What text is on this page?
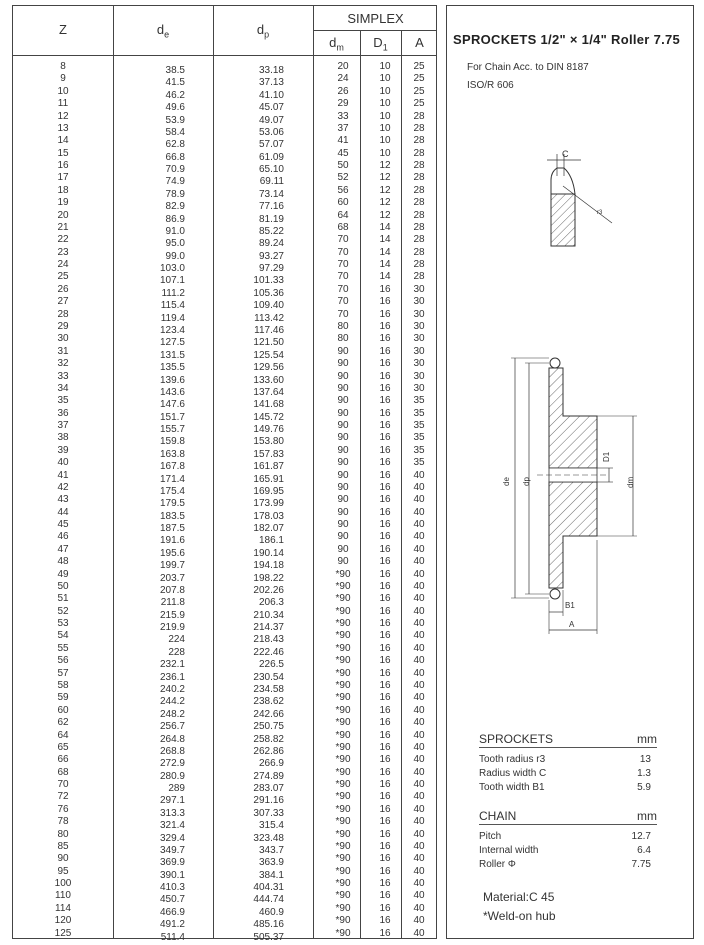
Z	$d_e$	$d_p$
SIMPLEX
$d_m$	$D_1$	A
8	38.5	33.18	20	10	25
9	41.5	37.13	24	10	25
10	46.2	41.10	26	10	25
11	49.6	45.07	29	10	25
12	53.9	49.07	33	10	28
13	58.4	53.06	37	10	28
14	62.8	57.07	41	10	28
15	66.8	61.09	45	10	28
16	70.9	65.10	50	12	28
17	74.9	69.11	52	12	28
18	78.9	73.14	56	12	28
19	82.9	77.16	60	12	28
20	86.9	81.19	64	12	28
21	91.0	85.22	68	14	28
22	95.0	89.24	70	14	28
23	99.0	93.27	70	14	28
24	103.0	97.29	70	14	28
25	107.1	101.33	70	14	28
26	111.2	105.36	70	16	30
27	115.4	109.40	70	16	30
28	119.4	113.42	70	16	30
29	123.4	117.46	80	16	30
30	127.5	121.50	80	16	30
31	131.5	125.54	90	16	30
32	135.5	129.56	90	16	30
33	139.6	133.60	90	16	30
34	143.6	137.64	90	16	30
35	147.6	141.68	90	16	35
36	151.7	145.72	90	16	35
37	155.7	149.76	90	16	35
38	159.8	153.80	90	16	35
39	163.8	157.83	90	16	35
40	167.8	161.87	90	16	35
41	171.4	165.91	90	16	40
42	175.4	169.95	90	16	40
43	179.5	173.99	90	16	40
44	183.5	178.03	90	16	40
45	187.5	182.07	90	16	40
46	191.6	186.1	90	16	40
47	195.6	190.14	90	16	40
48	199.7	194.18	90	16	40
49	203.7	198.22	*90	16	40
50	207.8	202.26	*90	16	40
51	211.8	206.3	*90	16	40
52	215.9	210.34	*90	16	40
53	219.9	214.37	*90	16	40
54	224	218.43	*90	16	40
55	228	222.46	*90	16	40
56	232.1	226.5	*90	16	40
57	236.1	230.54	*90	16	40
58	240.2	234.58	*90	16	40
59	244.2	238.62	*90	16	40
60	248.2	242.66	*90	16	40
62	256.7	250.75	*90	16	40
64	264.8	258.82	*90	16	40
65	268.8	262.86	*90	16	40
66	272.9	266.9	*90	16	40
68	280.9	274.89	*90	16	40
70	289	283.07	*90	16	40
72	297.1	291.16	*90	16	40
76	313.3	307.33	*90	16	40
78	321.4	315.4	*90	16	40
80	329.4	323.48	*90	16	40
85	349.7	343.7	*90	16	40
90	369.9	363.9	*90	16	40
95	390.1	384.1	*90	16	40
100	410.3	404.31	*90	16	40
110	450.7	444.74	*90	16	40
114	466.9	460.9	*90	16	40
120	491.2	485.16	*90	16	40
125	511.4	505.37	*90	16	40
SPROCKETS 1/2" × 1/4" Roller 7.75
For Chain Acc. to DIN 8187
ISO/R 606
C
r3
de dp
D1
dm
B1
A
SPROCKETS	mm
Tooth radius r3	13
Radius width C	1.3
Tooth width B1	5.9
CHAIN	mm
Pitch	12.7
Internal width	6.4
Roller Φ	7.75
Material:C 45
*Weld-on hub
